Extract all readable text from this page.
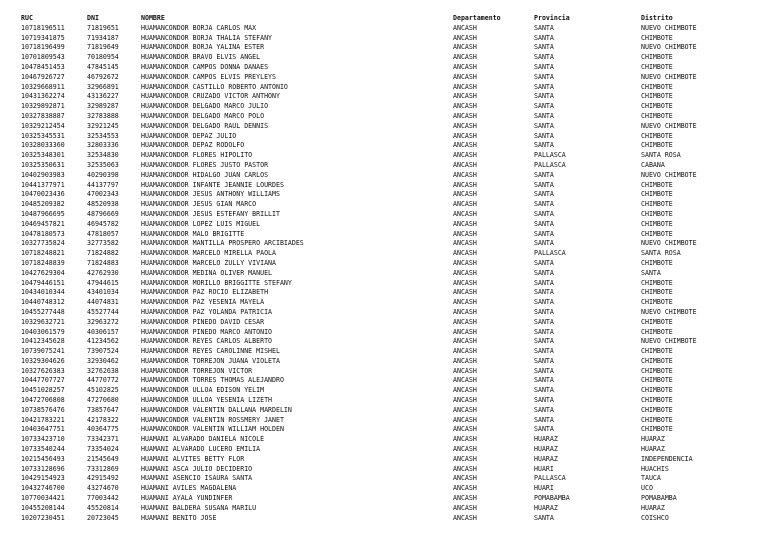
RUC	DNI	NOMBRE	Departamento	Provincia	Distrito
10718196511	71819651	HUAMANCONDOR BORJA CARLOS MAX	ANCASH	SANTA	NUEVO CHIMBOTE
10719341875	71934187	HUAMANCONDOR BORJA THALIA STEFANY	ANCASH	SANTA	CHIMBOTE
10718196499	71819649	HUAMANCONDOR BORJA YALINA ESTER	ANCASH	SANTA	NUEVO CHIMBOTE
10701809543	70180954	HUAMANCONDOR BRAVO ELVIS ANGEL	ANCASH	SANTA	CHIMBOTE
10478451453	47845145	HUAMANCONDOR CAMPOS DONNA DANAES	ANCASH	SANTA	CHIMBOTE
10467926727	46792672	HUAMANCONDOR CAMPOS ELVIS PREYLEYS	ANCASH	SANTA	NUEVO CHIMBOTE
10329668911	32966891	HUAMANCONDOR CASTILLO ROBERTO ANTONIO	ANCASH	SANTA	CHIMBOTE
10431362274	43136227	HUAMANCONDOR CRUZADO VICTOR ANTHONY	ANCASH	SANTA	CHIMBOTE
10329892871	32989287	HUAMANCONDOR DELGADO MARCO JULIO	ANCASH	SANTA	CHIMBOTE
10327838887	32783888	HUAMANCONDOR DELGADO MARCO POLO	ANCASH	SANTA	CHIMBOTE
10329212454	32921245	HUAMANCONDOR DELGADO RAUL DENNIS	ANCASH	SANTA	NUEVO CHIMBOTE
10325345531	32534553	HUAMANCONDOR DEPAZ JULIO	ANCASH	SANTA	CHIMBOTE
10328033360	32803336	HUAMANCONDOR DEPAZ RODOLFO	ANCASH	SANTA	CHIMBOTE
10325348301	32534830	HUAMANCONDOR FLORES HIPOLITO	ANCASH	PALLASCA	SANTA ROSA
10325350631	32535063	HUAMANCONDOR FLORES JUSTO PASTOR	ANCASH	PALLASCA	CABANA
10402903983	40290398	HUAMANCONDOR HIDALGO JUAN CARLOS	ANCASH	SANTA	NUEVO CHIMBOTE
10441377971	44137797	HUAMANCONDOR INFANTE JEANNIE LOURDES	ANCASH	SANTA	CHIMBOTE
10470023436	47002343	HUAMANCONDOR JESUS ANTHONY WILLIAMS	ANCASH	SANTA	CHIMBOTE
10485209382	48520938	HUAMANCONDOR JESUS GIAN MARCO	ANCASH	SANTA	CHIMBOTE
10487966695	48796669	HUAMANCONDOR JESUS ESTEFANY BRILLIT	ANCASH	SANTA	CHIMBOTE
10469457821	46945782	HUAMANCONDOR LOPEZ LUIS MIGUEL	ANCASH	SANTA	CHIMBOTE
10478180573	47818057	HUAMANCONDOR MALO BRIGITTE	ANCASH	SANTA	CHIMBOTE
10327735824	32773582	HUAMANCONDOR MANTILLA PROSPERO ARCIBIADES	ANCASH	SANTA	NUEVO CHIMBOTE
10718248821	71824882	HUAMANCONDOR MARCELO MIRELLA PAOLA	ANCASH	PALLASCA	SANTA ROSA
10718248839	71824883	HUAMANCONDOR MARCELO ZULLY VIVIANA	ANCASH	SANTA	CHIMBOTE
10427629304	42762930	HUAMANCONDOR MEDINA OLIVER MANUEL	ANCASH	SANTA	SANTA
10479446151	47944615	HUAMANCONDOR MORILLO BRIGGITTE STEFANY	ANCASH	SANTA	CHIMBOTE
10434010344	43401034	HUAMANCONDOR PAZ ROCIO ELIZABETH	ANCASH	SANTA	CHIMBOTE
10440748312	44074831	HUAMANCONDOR PAZ YESENIA MAYELA	ANCASH	SANTA	CHIMBOTE
10455277448	45527744	HUAMANCONDOR PAZ YOLANDA PATRICIA	ANCASH	SANTA	NUEVO CHIMBOTE
10329632721	32963272	HUAMANCONDOR PINEDO DAVID CESAR	ANCASH	SANTA	CHIMBOTE
10403061579	40306157	HUAMANCONDOR PINEDO MARCO ANTONIO	ANCASH	SANTA	CHIMBOTE
10412345628	41234562	HUAMANCONDOR REYES CARLOS ALBERTO	ANCASH	SANTA	NUEVO CHIMBOTE
10739075241	73907524	HUAMANCONDOR REYES CAROLINNE MISHEL	ANCASH	SANTA	CHIMBOTE
10329304626	32930462	HUAMANCONDOR TORREJON JUANA VIOLETA	ANCASH	SANTA	CHIMBOTE
10327626383	32762638	HUAMANCONDOR TORREJON VICTOR	ANCASH	SANTA	CHIMBOTE
10447707727	44770772	HUAMANCONDOR TORRES THOMAS ALEJANDRO	ANCASH	SANTA	CHIMBOTE
10451028257	45102825	HUAMANCONDOR ULLOA EDISON YELIM	ANCASH	SANTA	CHIMBOTE
10472706808	47270680	HUAMANCONDOR ULLOA YESENIA LIZETH	ANCASH	SANTA	CHIMBOTE
10738576476	73857647	HUAMANCONDOR VALENTIN DALLANA MARDELIN	ANCASH	SANTA	CHIMBOTE
10421783221	42178322	HUAMANCONDOR VALENTIN ROSSMERY JANET	ANCASH	SANTA	CHIMBOTE
10403647751	40364775	HUAMANCONDOR VALENTIN WILLIAM HOLDEN	ANCASH	SANTA	CHIMBOTE
10733423710	73342371	HUAMANI ALVARADO DANIELA NICOLE	ANCASH	HUARAZ	HUARAZ
10733540244	73354024	HUAMANI ALVARADO LUCERO EMILIA	ANCASH	HUARAZ	HUARAZ
10215456493	21545649	HUAMANI ALVITES BETTY FLOR	ANCASH	HUARAZ	INDEPENDENCIA
10733128696	73312869	HUAMANI ASCA JULIO DECIDERIO	ANCASH	HUARI	HUACHIS
10429154923	42915492	HUAMANI ASENCIO ISAURA SANTA	ANCASH	PALLASCA	TAUCA
10432746700	43274670	HUAMANI AVILES MAGDALENA	ANCASH	HUARI	UCO
10770034421	77003442	HUAMANI AYALA YUNDINFER	ANCASH	POMABAMBA	POMABAMBA
10455208144	45520814	HUAMANI BALDERA SUSANA MARILU	ANCASH	HUARAZ	HUARAZ
10207230451	20723045	HUAMANI BENITO JOSE	ANCASH	SANTA	COISHCO
